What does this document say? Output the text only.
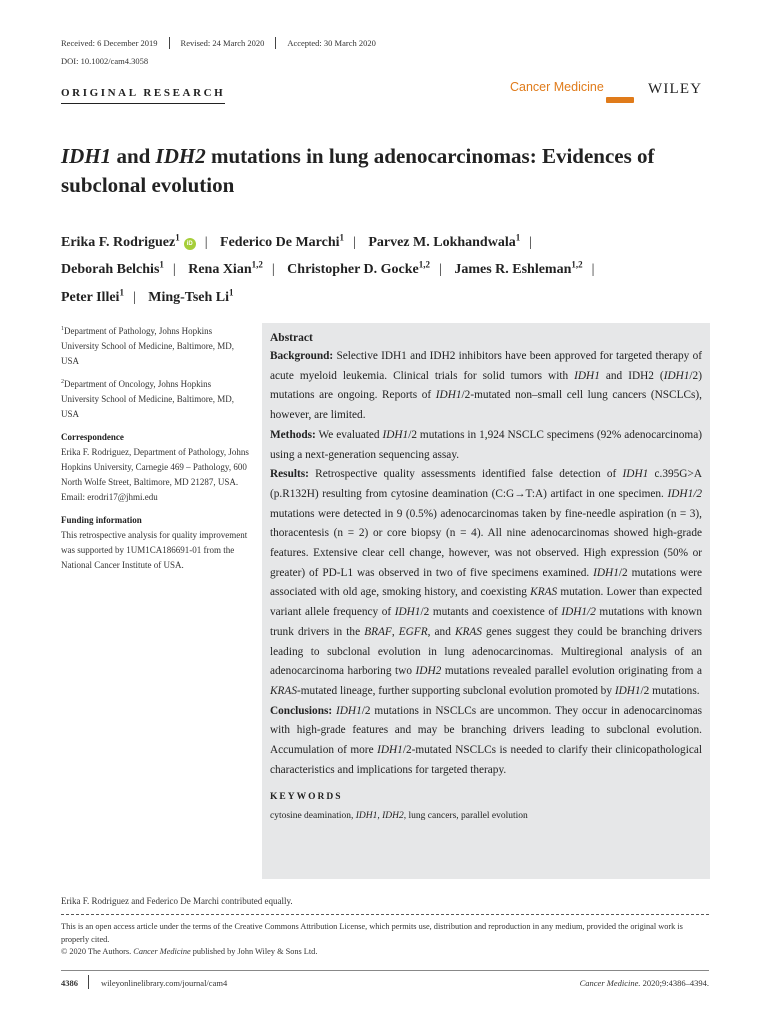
Received: 6 December 2019	Revised: 24 March 2020	Accepted: 30 March 2020
DOI: 10.1002/cam4.3058
ORIGINAL RESEARCH	Cancer Medicine	WILEY
IDH1 and IDH2 mutations in lung adenocarcinomas: Evidences of subclonal evolution
Erika F. Rodriguez$^1$iD | Federico De Marchi$^1$ | Parvez M. Lokhandwala$^1$ |
Deborah Belchis$^1$ | Rena Xian$^{1,2}$ | Christopher D. Gocke$^{1,2}$ | James R. Eshleman$^{1,2}$ |
Peter Illei$^1$ | Ming-Tseh Li$^1$

$^1$Department of Pathology, Johns Hopkins University School of Medicine, Baltimore, MD, USA

$^2$Department of Oncology, Johns Hopkins University School of Medicine, Baltimore, MD, USA

Correspondence

Erika F. Rodriguez, Department of Pathology, Johns Hopkins University, Carnegie 469 – Pathology, 600 North Wolfe Street, Baltimore, MD 21287, USA.
Email: erodri17@jhmi.edu

Funding information

This retrospective analysis for quality improvement was supported by 1UM1CA186691-01 from the National Cancer Institute of USA.

Abstract

Background: Selective IDH1 and IDH2 inhibitors have been approved for targeted therapy of acute myeloid leukemia. Clinical trials for solid tumors with IDH1 and IDH2 (IDH1/2) mutations are ongoing. Reports of IDH1/2-mutated non–small cell lung cancers (NSCLCs), however, are limited.

Methods: We evaluated IDH1/2 mutations in 1,924 NSCLC specimens (92% adenocarcinoma) using a next-generation sequencing assay.

Results: Retrospective quality assessments identified false detection of IDH1 c.395G>A (p.R132H) resulting from cytosine deamination (C:G→T:A) artifact in one specimen. IDH1/2 mutations were detected in 9 (0.5%) adenocarcinomas taken by fine-needle aspiration (n = 3), thoracentesis (n = 2) or core biopsy (n = 4). All nine adenocarcinomas showed high-grade features. Extensive clear cell change, however, was not observed. High expression (50% or greater) of PD-L1 was observed in two of five specimens examined. IDH1/2 mutations were associated with old age, smoking history, and coexisting KRAS mutation. Lower than expected variant allele frequency of IDH1/2 mutants and coexistence of IDH1/2 mutations with known trunk drivers in the BRAF, EGFR, and KRAS genes suggest they could be branching drivers leading to subclonal evolution in lung adenocarcinomas. Multiregional analysis of an adenocarcinoma harboring two IDH2 mutations revealed parallel evolution originating from a KRAS-mutated lineage, further supporting subclonal evolution promoted by IDH1/2 mutations.

Conclusions: IDH1/2 mutations in NSCLCs are uncommon. They occur in adenocarcinomas with high-grade features and may be branching drivers leading to subclonal evolution. Accumulation of more IDH1/2-mutated NSCLCs is needed to clarify their clinicopathological characteristics and implications for targeted therapy.

KEYWORDS
cytosine deamination, IDH1, IDH2, lung cancers, parallel evolution
Erika F. Rodriguez and Federico De Marchi contributed equally.
This is an open access article under the terms of the Creative Commons Attribution License, which permits use, distribution and reproduction in any medium, provided the original work is properly cited.
© 2020 The Authors. Cancer Medicine published by John Wiley & Sons Ltd.
4386	wileyonlinelibrary.com/journal/cam4	Cancer Medicine. 2020;9:4386–4394.
